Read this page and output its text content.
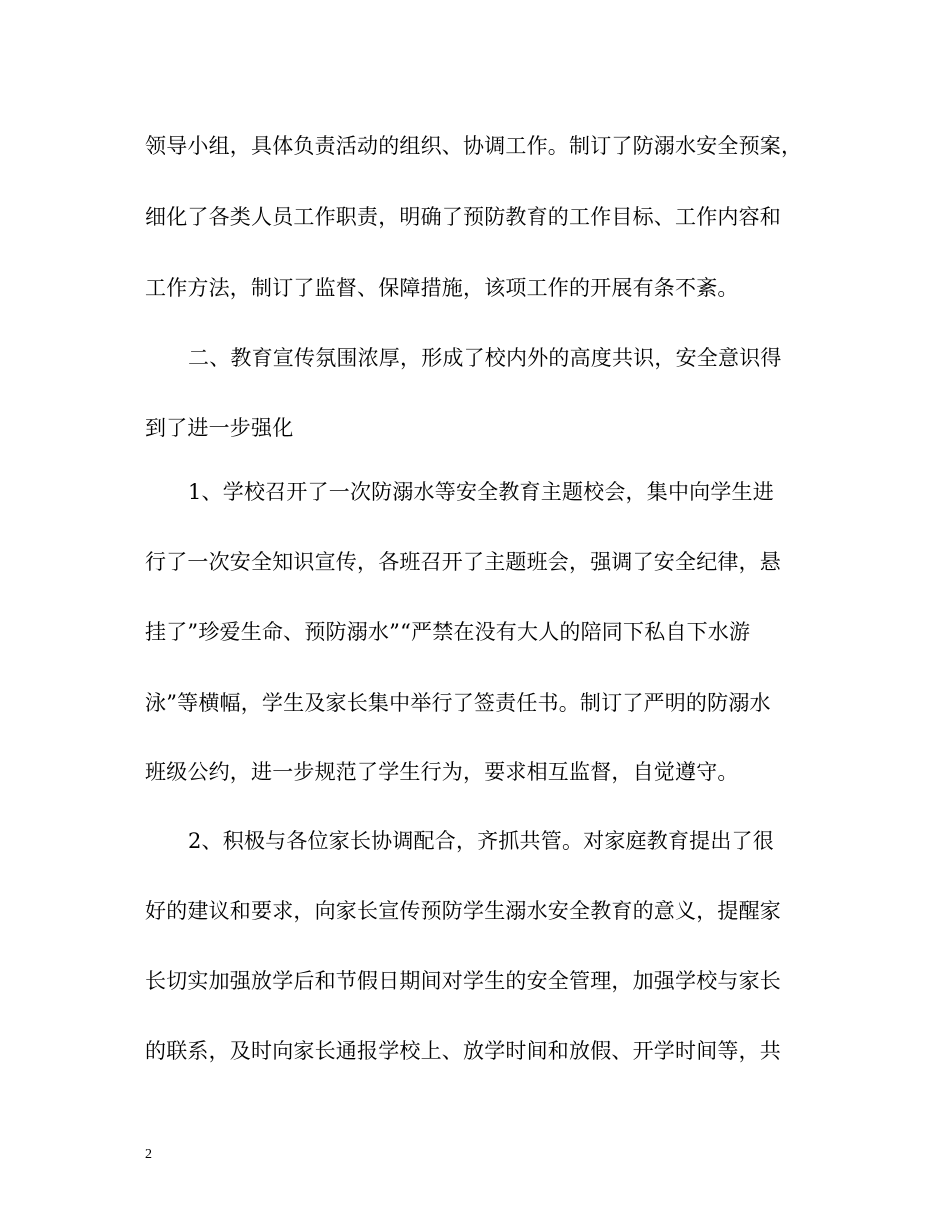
领导小组，具体负责活动的组织、协调工作。制订了防溺水安全预案，
细化了各类人员工作职责，明确了预防教育的工作目标、工作内容和
工作方法，制订了监督、保障措施，该项工作的开展有条不紊。
二、教育宣传氛围浓厚，形成了校内外的高度共识，安全意识得
到了进一步强化
1、学校召开了一次防溺水等安全教育主题校会，集中向学生进
行了一次安全知识宣传，各班召开了主题班会，强调了安全纪律，悬
挂了”珍爱生命、预防溺水”“严禁在没有大人的陪同下私自下水游
泳”等横幅，学生及家长集中举行了签责任书。制订了严明的防溺水
班级公约，进一步规范了学生行为，要求相互监督，自觉遵守。
2、积极与各位家长协调配合，齐抓共管。对家庭教育提出了很
好的建议和要求，向家长宣传预防学生溺水安全教育的意义，提醒家
长切实加强放学后和节假日期间对学生的安全管理，加强学校与家长
的联系，及时向家长通报学校上、放学时间和放假、开学时间等，共
2
